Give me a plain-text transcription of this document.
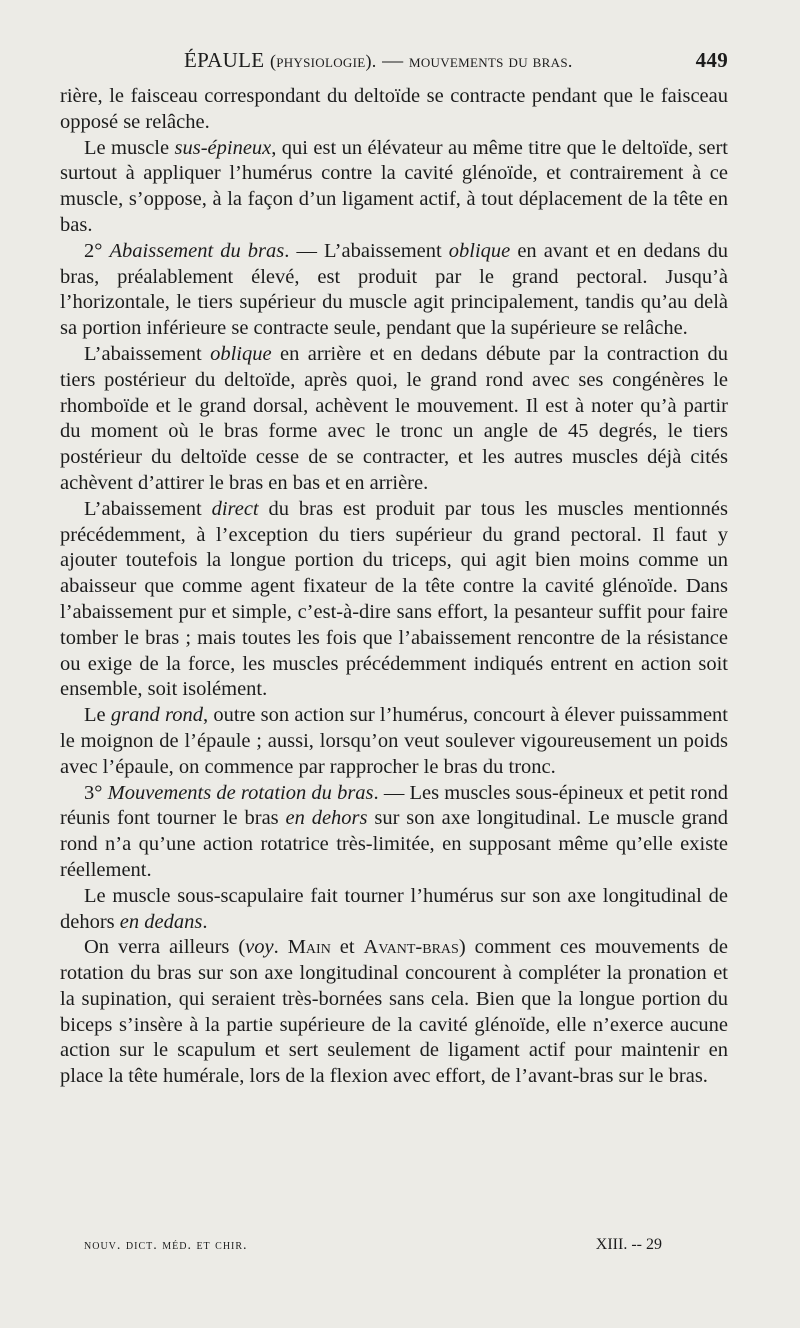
ÉPAULE (physiologie). — mouvements du bras.	449

rière, le faisceau correspondant du deltoïde se contracte pendant que le faisceau opposé se relâche.

Le muscle sus-épineux, qui est un élévateur au même titre que le deltoïde, sert surtout à appliquer l’humérus contre la cavité glénoïde, et contrairement à ce muscle, s’oppose, à la façon d’un ligament actif, à tout déplacement de la tête en bas.

2° Abaissement du bras. — L’abaissement oblique en avant et en dedans du bras, préalablement élevé, est produit par le grand pectoral. Jusqu’à l’horizontale, le tiers supérieur du muscle agit principalement, tandis qu’au delà sa portion inférieure se contracte seule, pendant que la supérieure se relâche.

L’abaissement oblique en arrière et en dedans débute par la contraction du tiers postérieur du deltoïde, après quoi, le grand rond avec ses congénères le rhomboïde et le grand dorsal, achèvent le mouvement. Il est à noter qu’à partir du moment où le bras forme avec le tronc un angle de 45 degrés, le tiers postérieur du deltoïde cesse de se contracter, et les autres muscles déjà cités achèvent d’attirer le bras en bas et en arrière.

L’abaissement direct du bras est produit par tous les muscles mentionnés précédemment, à l’exception du tiers supérieur du grand pectoral. Il faut y ajouter toutefois la longue portion du triceps, qui agit bien moins comme un abaisseur que comme agent fixateur de la tête contre la cavité glénoïde. Dans l’abaissement pur et simple, c’est-à-dire sans effort, la pesanteur suffit pour faire tomber le bras ; mais toutes les fois que l’abaissement rencontre de la résistance ou exige de la force, les muscles précédemment indiqués entrent en action soit ensemble, soit isolément.

Le grand rond, outre son action sur l’humérus, concourt à élever puissamment le moignon de l’épaule ; aussi, lorsqu’on veut soulever vigoureusement un poids avec l’épaule, on commence par rapprocher le bras du tronc.

3° Mouvements de rotation du bras. — Les muscles sous-épineux et petit rond réunis font tourner le bras en dehors sur son axe longitudinal. Le muscle grand rond n’a qu’une action rotatrice très-limitée, en supposant même qu’elle existe réellement.

Le muscle sous-scapulaire fait tourner l’humérus sur son axe longitudinal de dehors en dedans.

On verra ailleurs (voy. Main et Avant-bras) comment ces mouvements de rotation du bras sur son axe longitudinal concourent à compléter la pronation et la supination, qui seraient très-bornées sans cela. Bien que la longue portion du biceps s’insère à la partie supérieure de la cavité glénoïde, elle n’exerce aucune action sur le scapulum et sert seulement de ligament actif pour maintenir en place la tête humérale, lors de la flexion avec effort, de l’avant-bras sur le bras.

nouv. dict. méd. et chir.	XIII. -- 29
